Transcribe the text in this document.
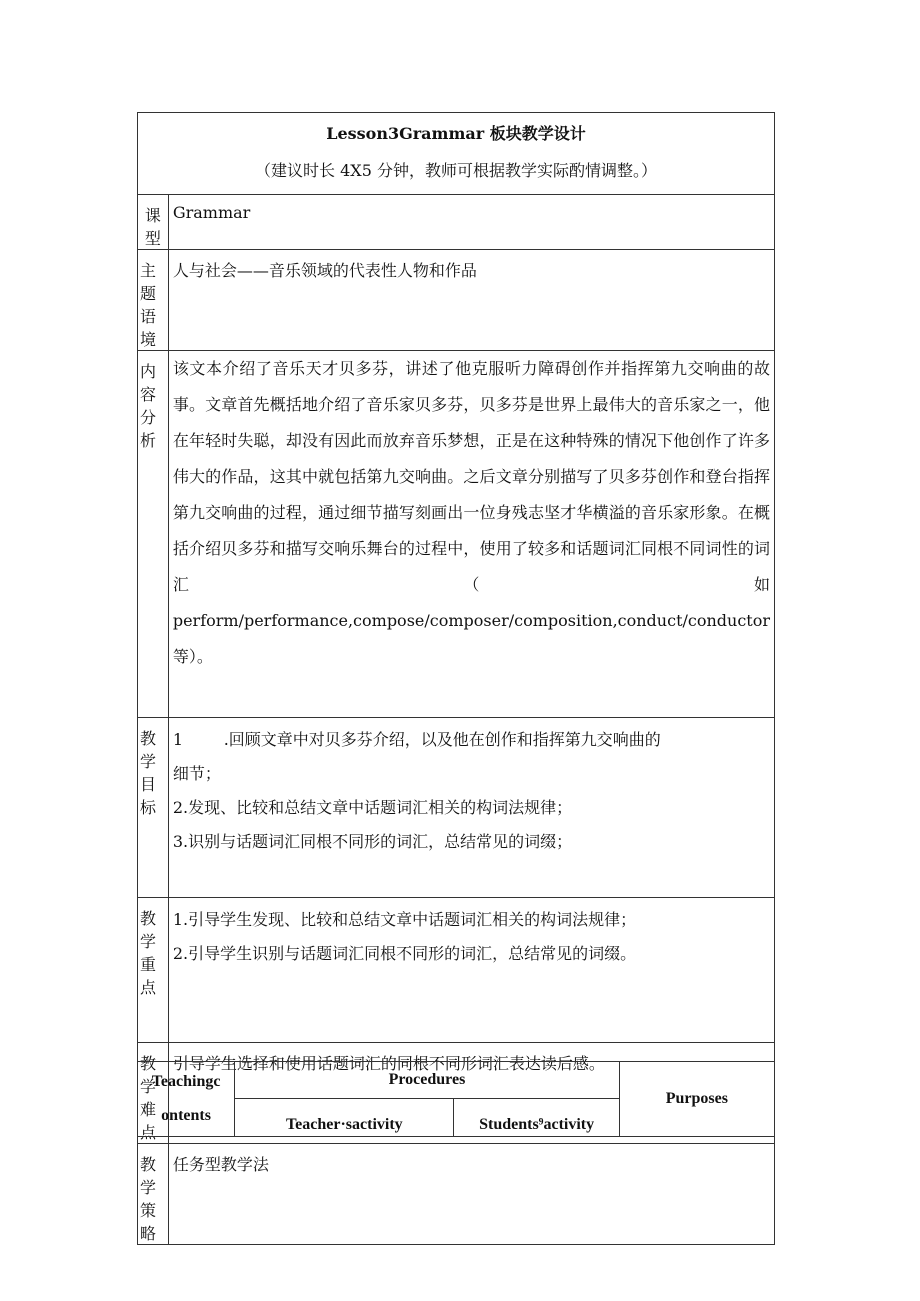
Lesson3Grammar 板块教学设计
（建议时长 4X5 分钟，教师可根据教学实际酌情调整。）	

课型	Grammar
主题语境	人与社会——音乐领域的代表性人物和作品
内容分析	该文本介绍了音乐天才贝多芬，讲述了他克服听力障碍创作并指挥第九交响曲的故事。文章首先概括地介绍了音乐家贝多芬，贝多芬是世界上最伟大的音乐家之一，他在年轻时失聪，却没有因此而放弃音乐梦想，正是在这种特殊的情况下他创作了许多伟大的作品，这其中就包括第九交响曲。之后文章分别描写了贝多芬创作和登台指挥第九交响曲的过程，通过细节描写刻画出一位身残志坚才华横溢的音乐家形象。在概括介绍贝多芬和描写交响乐舞台的过程中，使用了较多和话题词汇同根不同词性的词汇（如 perform/performance,compose/composer/composition,conduct/conductor 等）。

教学目标	1        .回顾文章中对贝多芬介绍，以及他在创作和指挥第九交响曲的
细节；
2.发现、比较和总结文章中话题词汇相关的构词法规律；
3.识别与话题词汇同根不同形的词汇，总结常见的词缀；

教学重点	1.引导学生发现、比较和总结文章中话题词汇相关的构词法规律；
2.引导学生识别与话题词汇同根不同形的词汇，总结常见的词缀。

教学难点	引导学生选择和使用话题词汇的同根不同形词汇表达读后感。
教学策略	任务型教学法
Teachingc ontents	Procedures		Purposes
	Teacher·sactivity	Students⁹activity	
